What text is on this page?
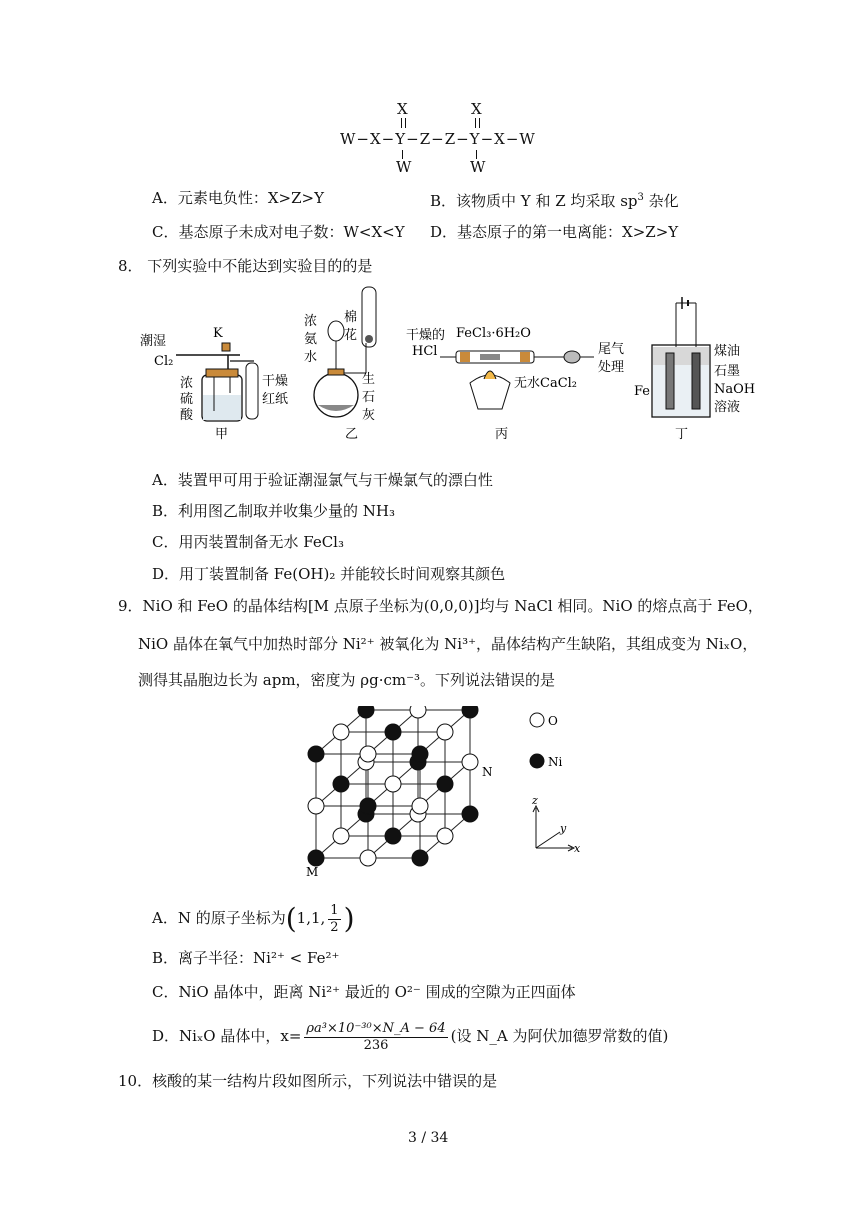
X	X
W−X−Y−Z−Z−Y−X−W
W	W
A．元素电负性：X>Z>Y	B．该物质中 Y 和 Z 均采取 $sp^3$ 杂化
C．基态原子未成对电子数：W<X<Y D．基态原子的第一电离能：X>Z>Y
8． 下列实验中不能达到实验目的的是
潮湿
Cl₂
K
浓
硫
酸
干燥
红纸
甲
浓
氨
水
棉
花
生
石
灰
乙
干燥的
HCl
FeCl₃·6H₂O
无水CaCl₂
尾气
处理
丙
煤油
石墨
NaOH
溶液
Fe
丁
A．装置甲可用于验证潮湿氯气与干燥氯气的漂白性
B．利用图乙制取并收集少量的 NH₃
C．用丙装置制备无水 FeCl₃
D．用丁装置制备 Fe(OH)₂ 并能较长时间观察其颜色
9．NiO 和 FeO 的晶体结构[M 点原子坐标为(0,0,0)]均与 NaCl 相同。NiO 的熔点高于 FeO，
NiO 晶体在氧气中加热时部分 Ni²⁺ 被氧化为 Ni³⁺，晶体结构产生缺陷，其组成变为 NiₓO，
测得其晶胞边长为 apm，密度为 ρg·cm⁻³。下列说法错误的是
M
N
O
Ni
z
x
y
A．N 的原子坐标为(1,1, $\frac{1}{2}$ )
B．离子半径：Ni²⁺ < Fe²⁺
C．NiO 晶体中，距离 Ni²⁺ 最近的 O²⁻ 围成的空隙为正四面体
D．NiₓO 晶体中，$x= \frac{\text{ρa³×10⁻³⁰×N\_A − 64}}{236}$ (设 N_A 为阿伏加德罗常数的值)
10．核酸的某一结构片段如图所示，下列说法中错误的是
3 / 34
